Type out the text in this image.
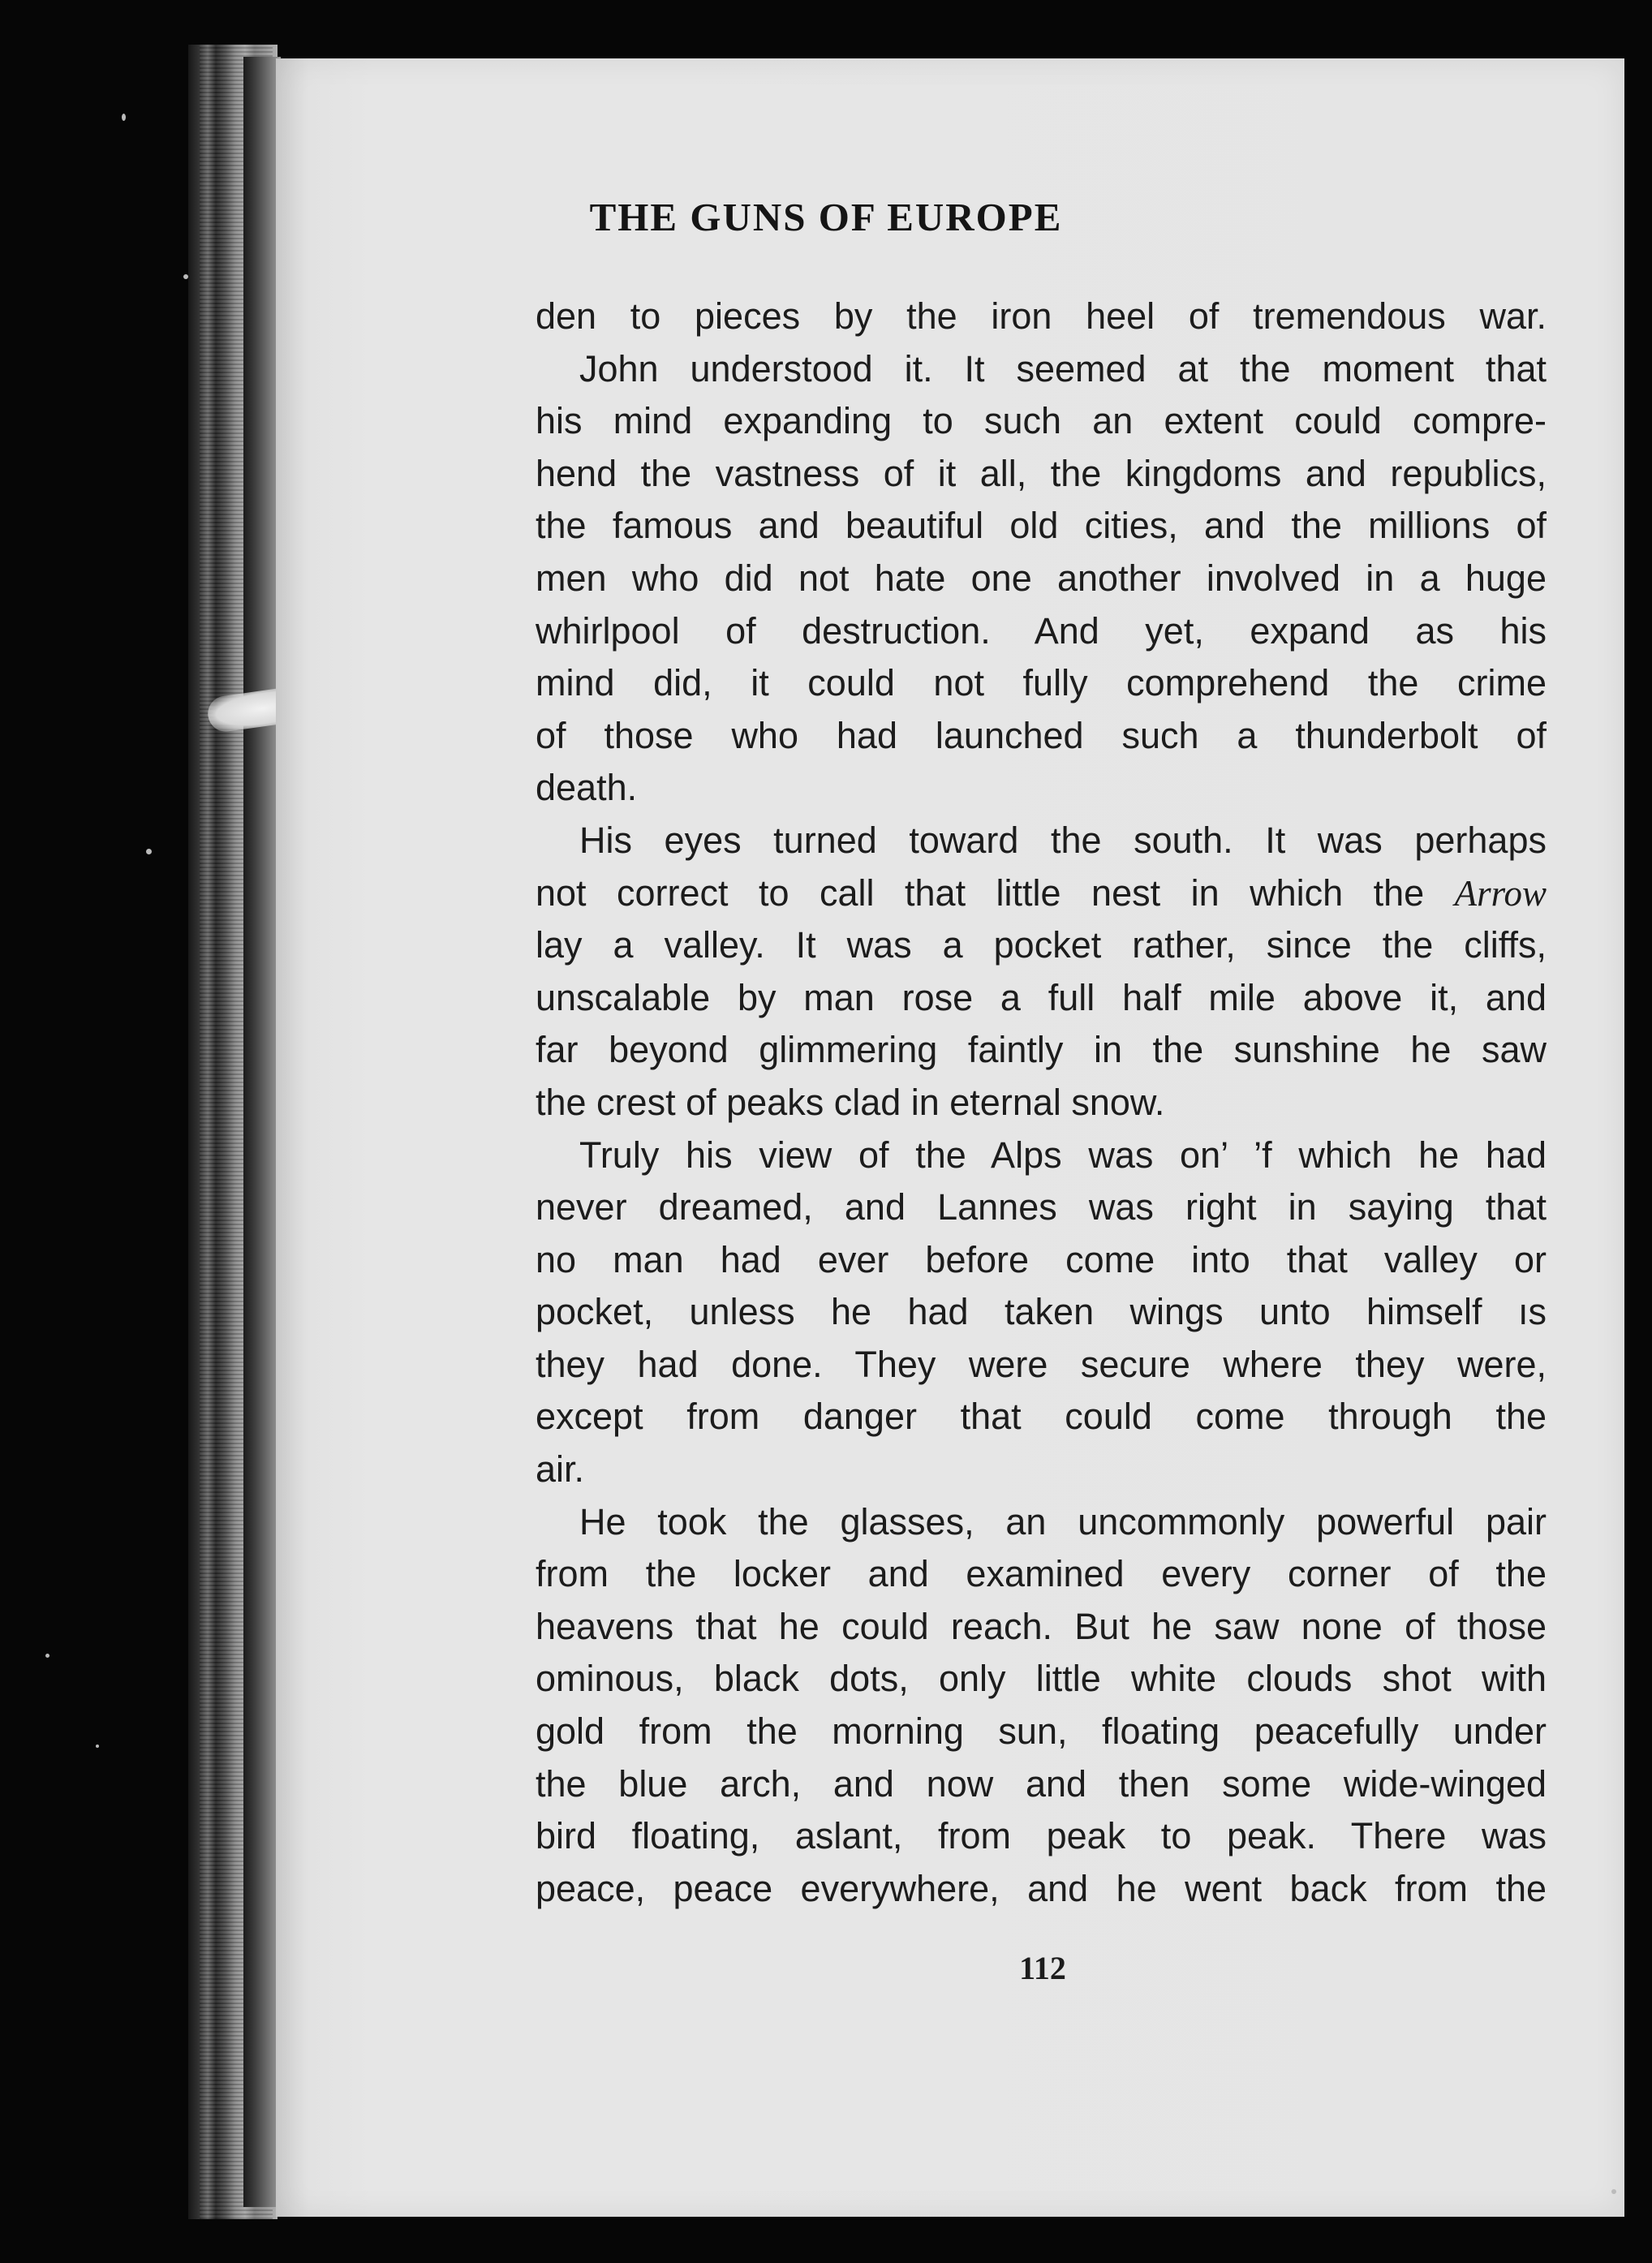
THE GUNS OF EUROPE
den to pieces by the iron heel of tremendous war.
John understood it. It seemed at the moment that
his mind expanding to such an extent could compre-
hend the vastness of it all, the kingdoms and republics,
the famous and beautiful old cities, and the millions of
men who did not hate one another involved in a huge
whirlpool of destruction. And yet, expand as his
mind did, it could not fully comprehend the crime
of those who had launched such a thunderbolt of
death.
His eyes turned toward the south. It was perhaps
not correct to call that little nest in which the Arrow
lay a valley. It was a pocket rather, since the cliffs,
unscalable by man rose a full half mile above it, and
far beyond glimmering faintly in the sunshine he saw
the crest of peaks clad in eternal snow.
Truly his view of the Alps was on’ ’f which he had
never dreamed, and Lannes was right in saying that
no man had ever before come into that valley or
pocket, unless he had taken wings unto himself ıs
they had done. They were secure where they were,
except from danger that could come through the
air.
He took the glasses, an uncommonly powerful pair
from the locker and examined every corner of the
heavens that he could reach. But he saw none of those
ominous, black dots, only little white clouds shot with
gold from the morning sun, floating peacefully under
the blue arch, and now and then some wide-winged
bird floating, aslant, from peak to peak. There was
peace, peace everywhere, and he went back from the

112
